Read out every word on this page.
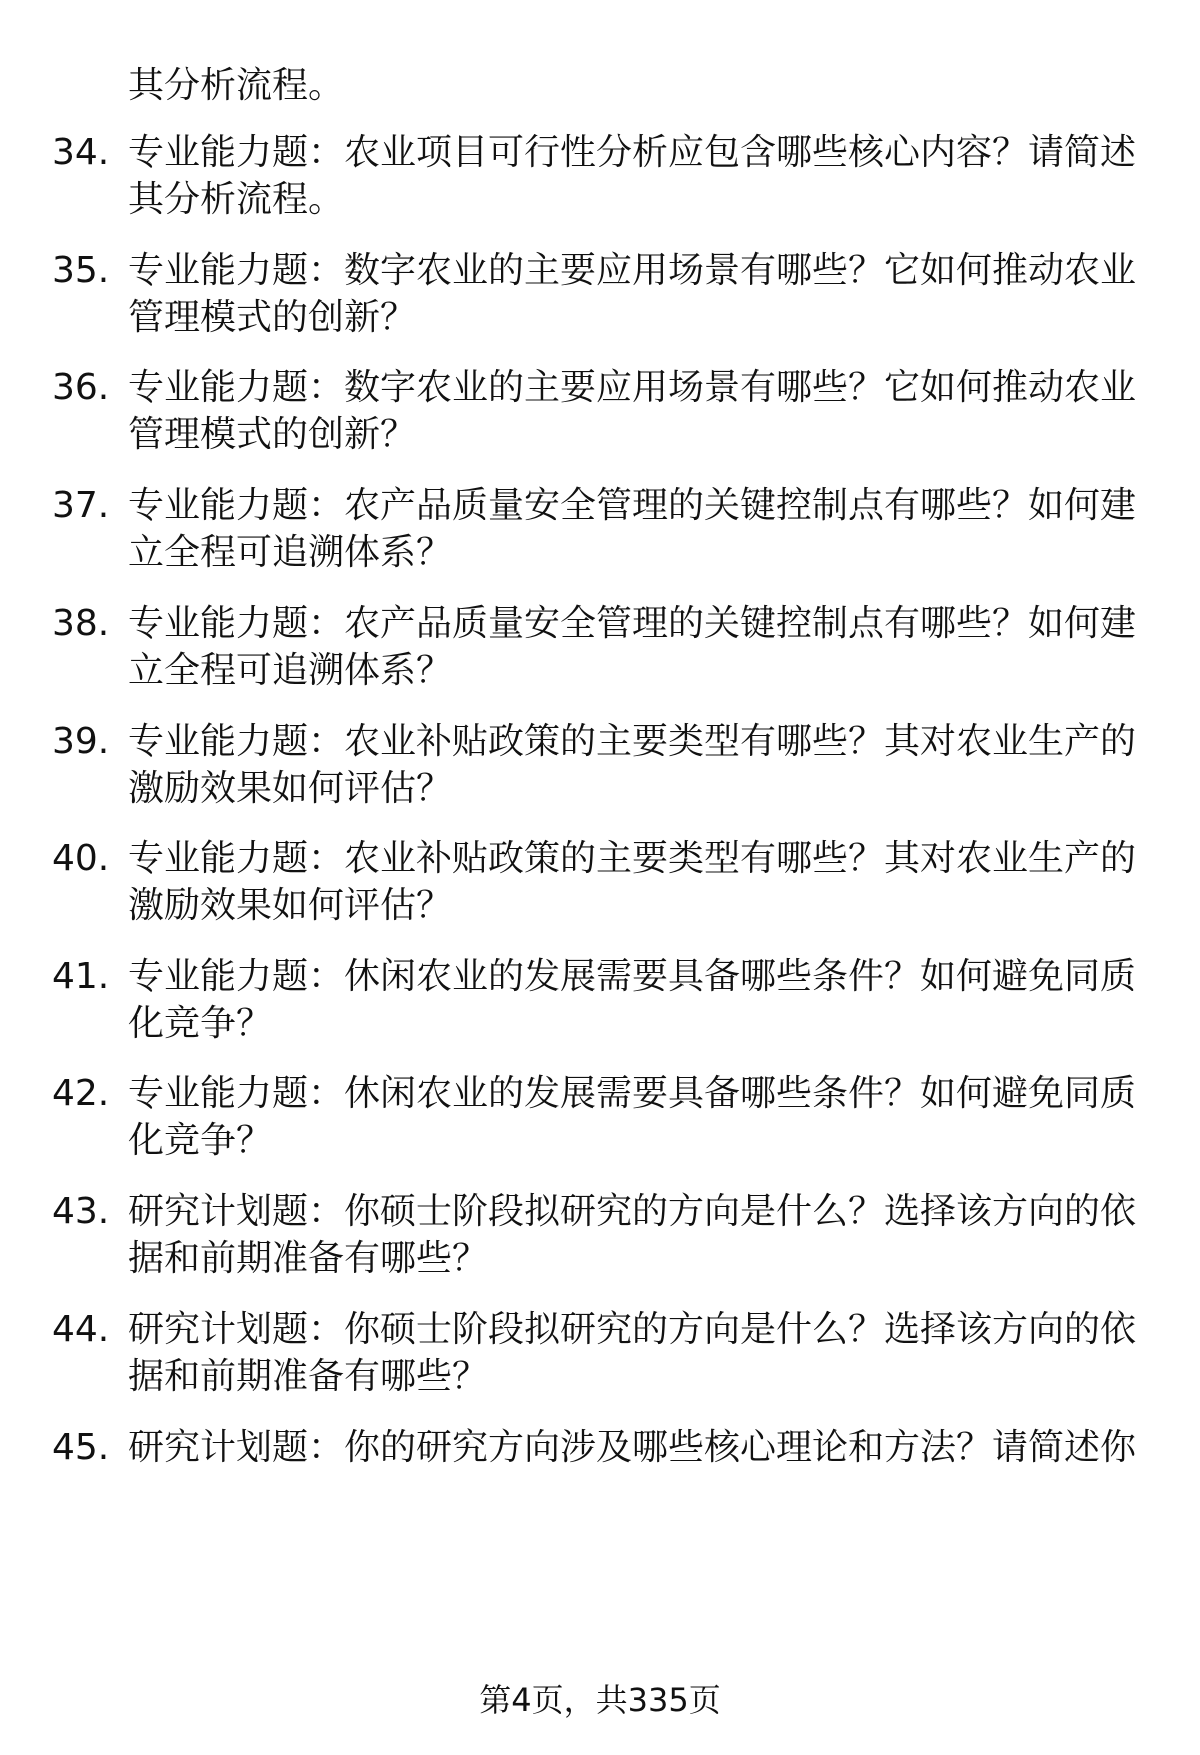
其分析流程。
34. 专业能力题：农业项目可行性分析应包含哪些核心内容？请简述
其分析流程。
35. 专业能力题：数字农业的主要应用场景有哪些？它如何推动农业
管理模式的创新？
36. 专业能力题：数字农业的主要应用场景有哪些？它如何推动农业
管理模式的创新？
37. 专业能力题：农产品质量安全管理的关键控制点有哪些？如何建
立全程可追溯体系？
38. 专业能力题：农产品质量安全管理的关键控制点有哪些？如何建
立全程可追溯体系？
39. 专业能力题：农业补贴政策的主要类型有哪些？其对农业生产的
激励效果如何评估？
40. 专业能力题：农业补贴政策的主要类型有哪些？其对农业生产的
激励效果如何评估？
41. 专业能力题：休闲农业的发展需要具备哪些条件？如何避免同质
化竞争？
42. 专业能力题：休闲农业的发展需要具备哪些条件？如何避免同质
化竞争？
43. 研究计划题：你硕士阶段拟研究的方向是什么？选择该方向的依
据和前期准备有哪些？
44. 研究计划题：你硕士阶段拟研究的方向是什么？选择该方向的依
据和前期准备有哪些？
45. 研究计划题：你的研究方向涉及哪些核心理论和方法？请简述你
第4页，共335页
